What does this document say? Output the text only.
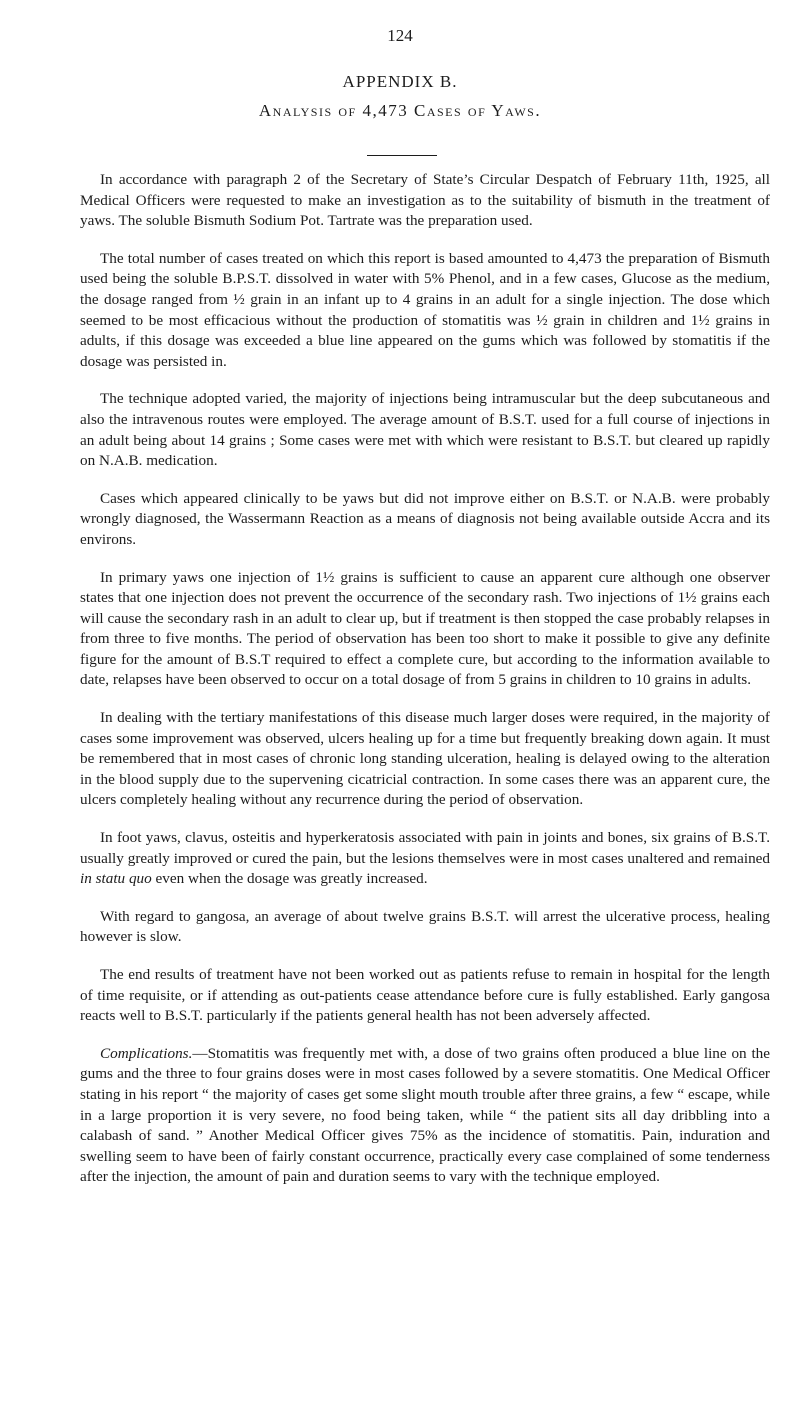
124
APPENDIX B.
Analysis of 4,473 Cases of Yaws.

In accordance with paragraph 2 of the Secretary of State’s Circular Despatch of February 11th, 1925, all Medical Officers were requested to make an investigation as to the suitability of bismuth in the treatment of yaws. The soluble Bismuth Sodium Pot. Tartrate was the preparation used.

The total number of cases treated on which this report is based amounted to 4,473 the preparation of Bismuth used being the soluble B.P.S.T. dissolved in water with 5% Phenol, and in a few cases, Glucose as the medium, the dosage ranged from ½ grain in an infant up to 4 grains in an adult for a single injection. The dose which seemed to be most efficacious without the production of stomatitis was ½ grain in children and 1½ grains in adults, if this dosage was exceeded a blue line appeared on the gums which was followed by stomatitis if the dosage was persisted in.

The technique adopted varied, the majority of injections being intramuscular but the deep subcutaneous and also the intravenous routes were employed. The average amount of B.S.T. used for a full course of injections in an adult being about 14 grains ; Some cases were met with which were resistant to B.S.T. but cleared up rapidly on N.A.B. medication.

Cases which appeared clinically to be yaws but did not improve either on B.S.T. or N.A.B. were probably wrongly diagnosed, the Wassermann Reaction as a means of diagnosis not being available outside Accra and its environs.

In primary yaws one injection of 1½ grains is sufficient to cause an apparent cure although one observer states that one injection does not prevent the occurrence of the secondary rash. Two injections of 1½ grains each will cause the secondary rash in an adult to clear up, but if treatment is then stopped the case probably relapses in from three to five months. The period of observation has been too short to make it possible to give any definite figure for the amount of B.S.T required to effect a complete cure, but according to the information available to date, relapses have been observed to occur on a total dosage of from 5 grains in children to 10 grains in adults.

In dealing with the tertiary manifestations of this disease much larger doses were required, in the majority of cases some improvement was observed, ulcers healing up for a time but frequently breaking down again. It must be remembered that in most cases of chronic long standing ulceration, healing is delayed owing to the alteration in the blood supply due to the supervening cicatricial contraction. In some cases there was an apparent cure, the ulcers completely healing without any recurrence during the period of observation.

In foot yaws, clavus, osteitis and hyperkeratosis associated with pain in joints and bones, six grains of B.S.T. usually greatly improved or cured the pain, but the lesions themselves were in most cases unaltered and remained in statu quo even when the dosage was greatly increased.

With regard to gangosa, an average of about twelve grains B.S.T. will arrest the ulcerative process, healing however is slow.

The end results of treatment have not been worked out as patients refuse to remain in hospital for the length of time requisite, or if attending as out-patients cease attendance before cure is fully established. Early gangosa reacts well to B.S.T. particularly if the patients general health has not been adversely affected.

Complications.—Stomatitis was frequently met with, a dose of two grains often produced a blue line on the gums and the three to four grains doses were in most cases followed by a severe stomatitis. One Medical Officer stating in his report “ the majority of cases get some slight mouth trouble after three grains, a few “ escape, while in a large proportion it is very severe, no food being taken, while “ the patient sits all day dribbling into a calabash of sand. ” Another Medical Officer gives 75% as the incidence of stomatitis. Pain, induration and swelling seem to have been of fairly constant occurrence, practically every case complained of some tenderness after the injection, the amount of pain and duration seems to vary with the technique employed.
